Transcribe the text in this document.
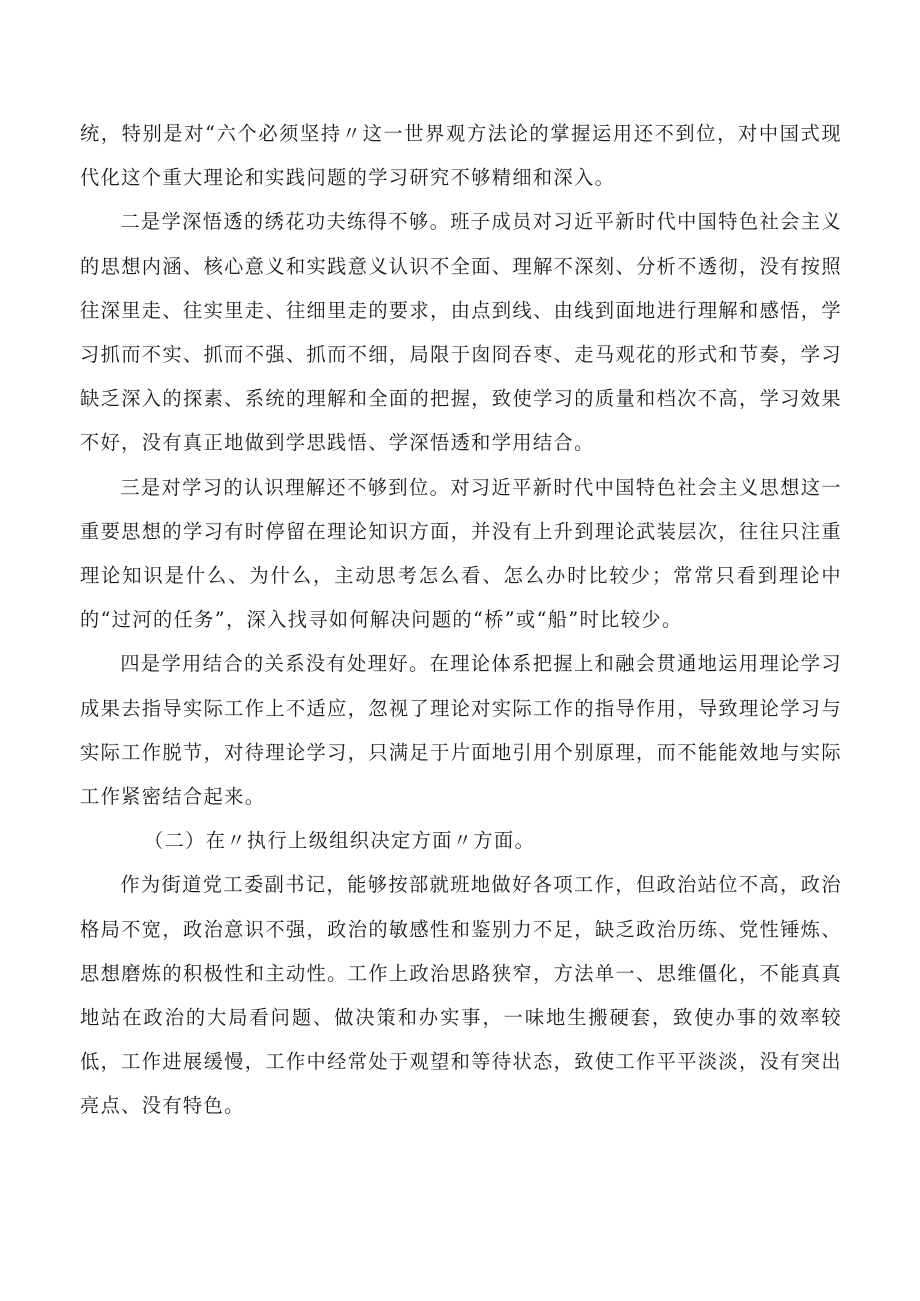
统，特别是对“六个必须坚持〃这一世界观方法论的掌握运用还不到位，对中国式现代化这个重大理论和实践问题的学习研究不够精细和深入。

二是学深悟透的绣花功夫练得不够。班子成员对习近平新时代中国特色社会主义的思想内涵、核心意义和实践意义认识不全面、理解不深刻、分析不透彻，没有按照往深里走、往实里走、往细里走的要求，由点到线、由线到面地进行理解和感悟，学习抓而不实、抓而不强、抓而不细，局限于囱冏吞枣、走马观花的形式和节奏，学习缺乏深入的探素、系统的理解和全面的把握，致使学习的质量和档次不高，学习效果不好，没有真正地做到学思践悟、学深悟透和学用结合。

三是对学习的认识理解还不够到位。对习近平新时代中国特色社会主义思想这一重要思想的学习有时停留在理论知识方面，并没有上升到理论武装层次，往往只注重理论知识是什么、为什么，主动思考怎么看、怎么办时比较少；常常只看到理论中的“过河的任务”，深入找寻如何解决问题的“桥”或“船”时比较少。

四是学用结合的关系没有处理好。在理论体系把握上和融会贯通地运用理论学习成果去指导实际工作上不适应，忽视了理论对实际工作的指导作用，导致理论学习与实际工作脱节，对待理论学习，只满足于片面地引用个别原理，而不能能效地与实际工作紧密结合起来。

（二）在〃执行上级组织决定方面〃方面。

作为街道党工委副书记，能够按部就班地做好各项工作，但政治站位不高，政治格局不宽，政治意识不强，政治的敏感性和鉴别力不足，缺乏政治历练、党性锤炼、思想磨炼的积极性和主动性。工作上政治思路狭窄，方法单一、思维僵化，不能真真地站在政治的大局看问题、做决策和办实事，一味地生搬硬套，致使办事的效率较低，工作进展缓慢，工作中经常处于观望和等待状态，致使工作平平淡淡，没有突出亮点、没有特色。
